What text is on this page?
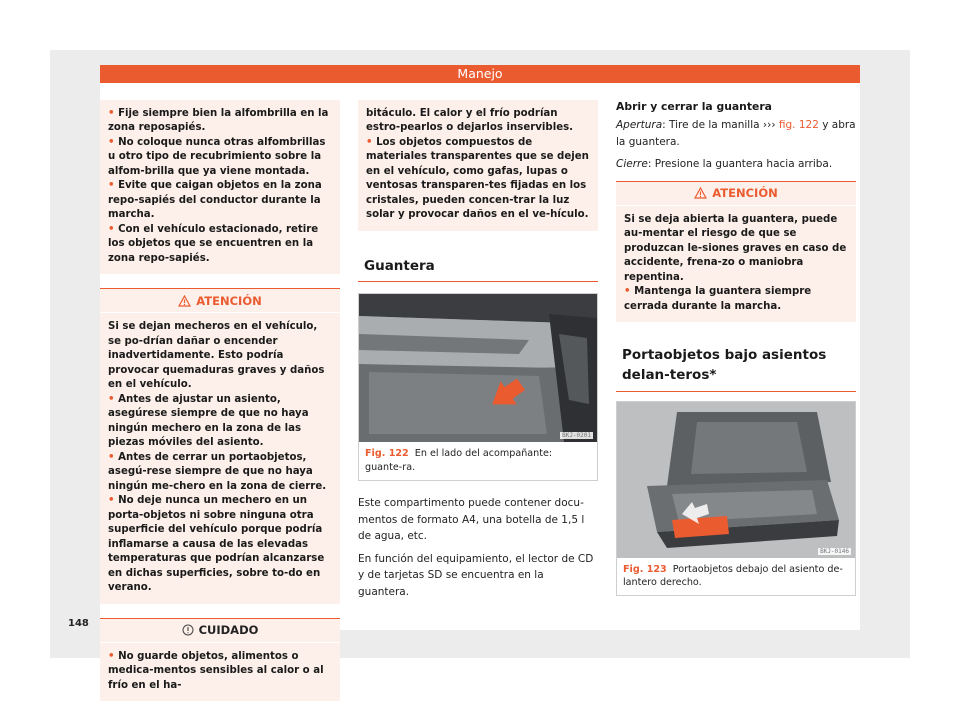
Manejo

• Fije siempre bien la alfombrilla en la zona reposapiés.

• No coloque nunca otras alfombrillas u otro tipo de recubrimiento sobre la alfom-brilla que ya viene montada.

• Evite que caigan objetos en la zona repo-sapiés del conductor durante la marcha.

• Con el vehículo estacionado, retire los objetos que se encuentren en la zona repo-sapiés.

ATENCIÓN

Si se dejan mecheros en el vehículo, se po-drían dañar o encender inadvertidamente. Esto podría provocar quemaduras graves y daños en el vehículo.

• Antes de ajustar un asiento, asegúrese siempre de que no haya ningún mechero en la zona de las piezas móviles del asiento.

• Antes de cerrar un portaobjetos, asegú-rese siempre de que no haya ningún me-chero en la zona de cierre.

• No deje nunca un mechero en un porta-objetos ni sobre ninguna otra superficie del vehículo porque podría inflamarse a causa de las elevadas temperaturas que podrían alcanzarse en dichas superficies, sobre to-do en verano.

CUIDADO

• No guarde objetos, alimentos o medica-mentos sensibles al calor o al frío en el ha-

bitáculo. El calor y el frío podrían estro-pearlos o dejarlos inservibles.

• Los objetos compuestos de materiales transparentes que se dejen en el vehículo, como gafas, lupas o ventosas transparen-tes fijadas en los cristales, pueden concen-trar la luz solar y provocar daños en el ve-hículo.

Guantera
BKJ-0201
Fig. 122 En el lado del acompañante: guante-ra.

Este compartimento puede contener docu-mentos de formato A4, una botella de 1,5 l de agua, etc.

En función del equipamiento, el lector de CD y de tarjetas SD se encuentra en la guantera.

Abrir y cerrar la guantera

Apertura: Tire de la manilla ››› fig. 122 y abra la guantera.

Cierre: Presione la guantera hacia arriba.

ATENCIÓN

Si se deja abierta la guantera, puede au-mentar el riesgo de que se produzcan le-siones graves en caso de accidente, frena-zo o maniobra repentina.

• Mantenga la guantera siempre cerrada durante la marcha.

Portaobjetos bajo asientos delan-teros*
BKJ-0146
Fig. 123 Portaobjetos debajo del asiento de-lantero derecho.
148
